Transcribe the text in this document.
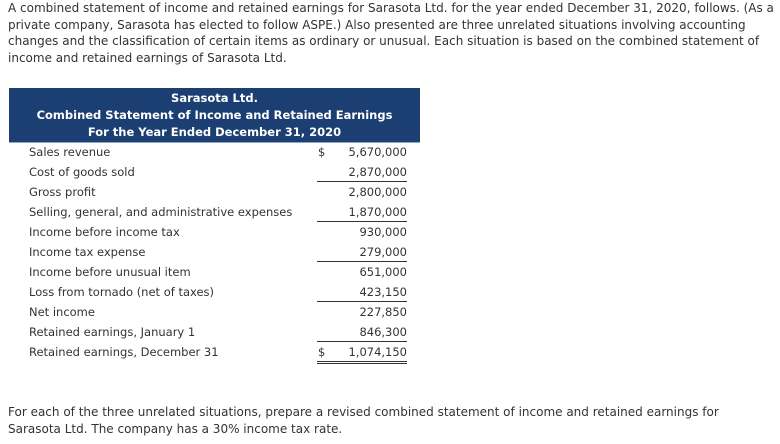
A combined statement of income and retained earnings for Sarasota Ltd. for the year ended December 31, 2020, follows. (As a private company, Sarasota has elected to follow ASPE.) Also presented are three unrelated situations involving accounting changes and the classification of certain items as ordinary or unusual. Each situation is based on the combined statement of income and retained earnings of Sarasota Ltd.

Sarasota Ltd.
Combined Statement of Income and Retained Earnings
For the Year Ended December 31, 2020
Sales revenue	$ 5,670,000
Cost of goods sold	2,870,000
Gross profit	2,800,000
Selling, general, and administrative expenses	1,870,000
Income before income tax	930,000
Income tax expense	279,000
Income before unusual item	651,000
Loss from tornado (net of taxes)	423,150
Net income	227,850
Retained earnings, January 1	846,300
Retained earnings, December 31	$ 1,074,150

For each of the three unrelated situations, prepare a revised combined statement of income and retained earnings for Sarasota Ltd. The company has a 30% income tax rate.
